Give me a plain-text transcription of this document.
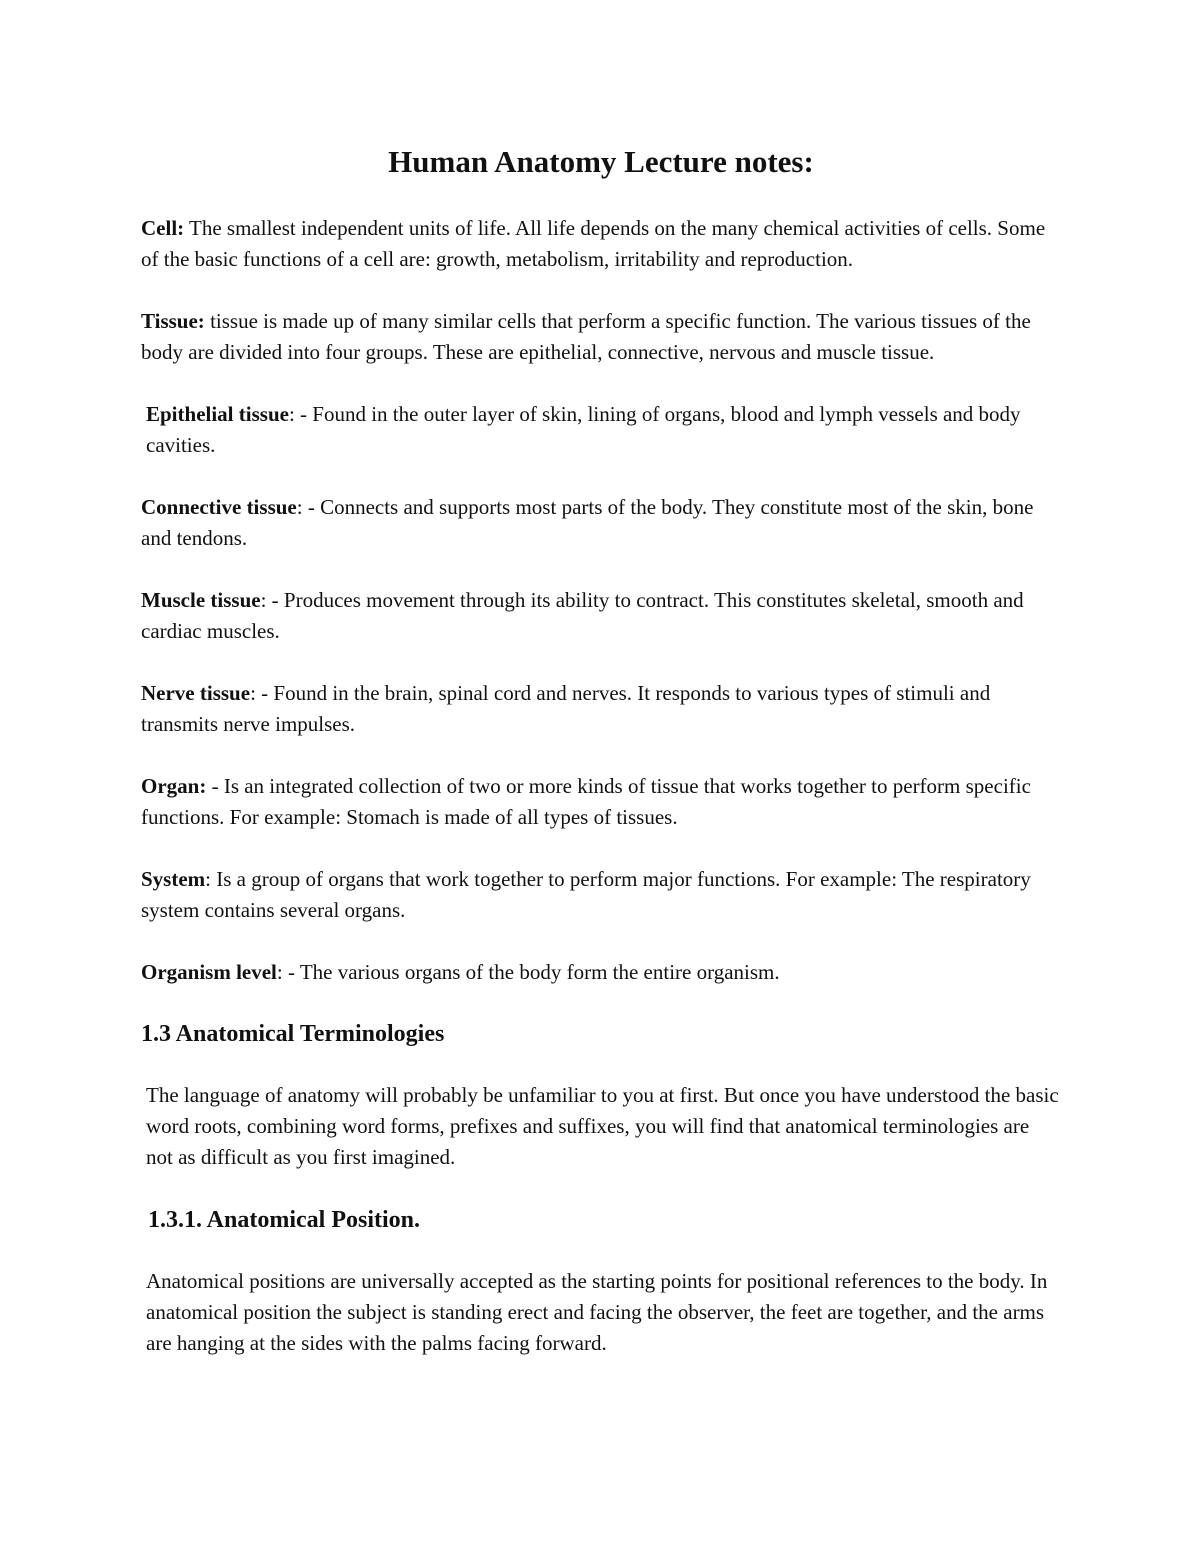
Human Anatomy Lecture notes:

Cell: The smallest independent units of life. All life depends on the many chemical activities of cells. Some of the basic functions of a cell are: growth, metabolism, irritability and reproduction.

Tissue: tissue is made up of many similar cells that perform a specific function. The various tissues of the body are divided into four groups. These are epithelial, connective, nervous and muscle tissue.

Epithelial tissue: - Found in the outer layer of skin, lining of organs, blood and lymph vessels and body cavities.

Connective tissue: - Connects and supports most parts of the body. They constitute most of the skin, bone and tendons.

Muscle tissue: - Produces movement through its ability to contract. This constitutes skeletal, smooth and cardiac muscles.

Nerve tissue: - Found in the brain, spinal cord and nerves. It responds to various types of stimuli and transmits nerve impulses.

Organ: - Is an integrated collection of two or more kinds of tissue that works together to perform specific functions. For example: Stomach is made of all types of tissues.

System: Is a group of organs that work together to perform major functions. For example: The respiratory system contains several organs.

Organism level: - The various organs of the body form the entire organism.

1.3 Anatomical Terminologies

The language of anatomy will probably be unfamiliar to you at first. But once you have understood the basic word roots, combining word forms, prefixes and suffixes, you will find that anatomical terminologies are not as difficult as you first imagined.

1.3.1. Anatomical Position.

Anatomical positions are universally accepted as the starting points for positional references to the body. In anatomical position the subject is standing erect and facing the observer, the feet are together, and the arms are hanging at the sides with the palms facing forward.
